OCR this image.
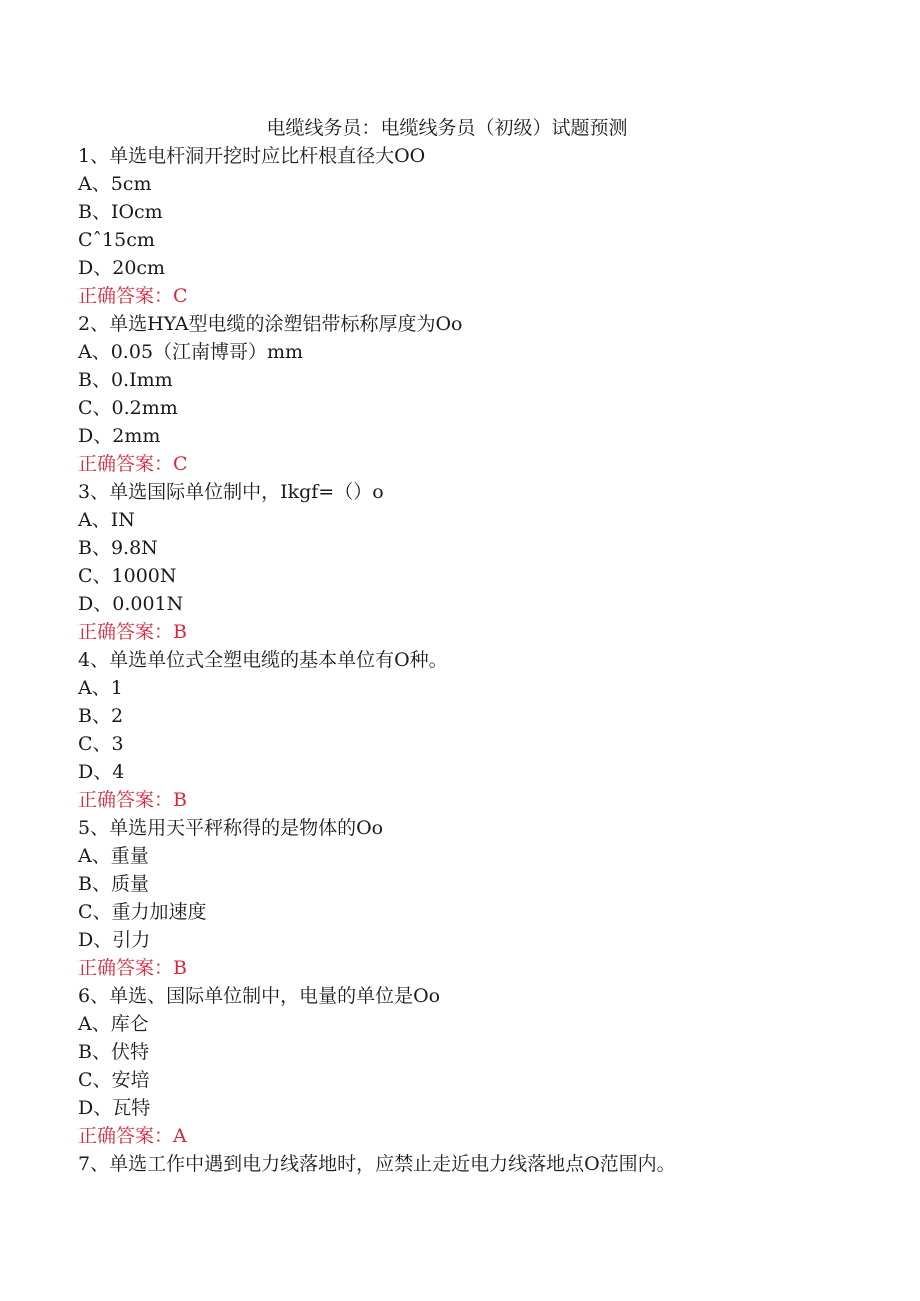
电缆线务员：电缆线务员（初级）试题预测
1、单选电杆洞开挖时应比杆根直径大OO
A、5cm
B、IOcm
Cˆ15cm
D、20cm
正确答案：C
2、单选HYA型电缆的涂塑铝带标称厚度为Oo
A、0.05（江南博哥）mm
B、0.Imm
C、0.2mm
D、2mm
正确答案：C
3、单选国际单位制中，Ikgf=（）o
A、IN
B、9.8N
C、1000N
D、0.001N
正确答案：B
4、单选单位式全塑电缆的基本单位有O种。
A、1
B、2
C、3
D、4
正确答案：B
5、单选用天平秤称得的是物体的Oo
A、重量
B、质量
C、重力加速度
D、引力
正确答案：B
6、单选、国际单位制中，电量的单位是Oo
A、库仑
B、伏特
C、安培
D、瓦特
正确答案：A
7、单选工作中遇到电力线落地时，应禁止走近电力线落地点O范围内。
